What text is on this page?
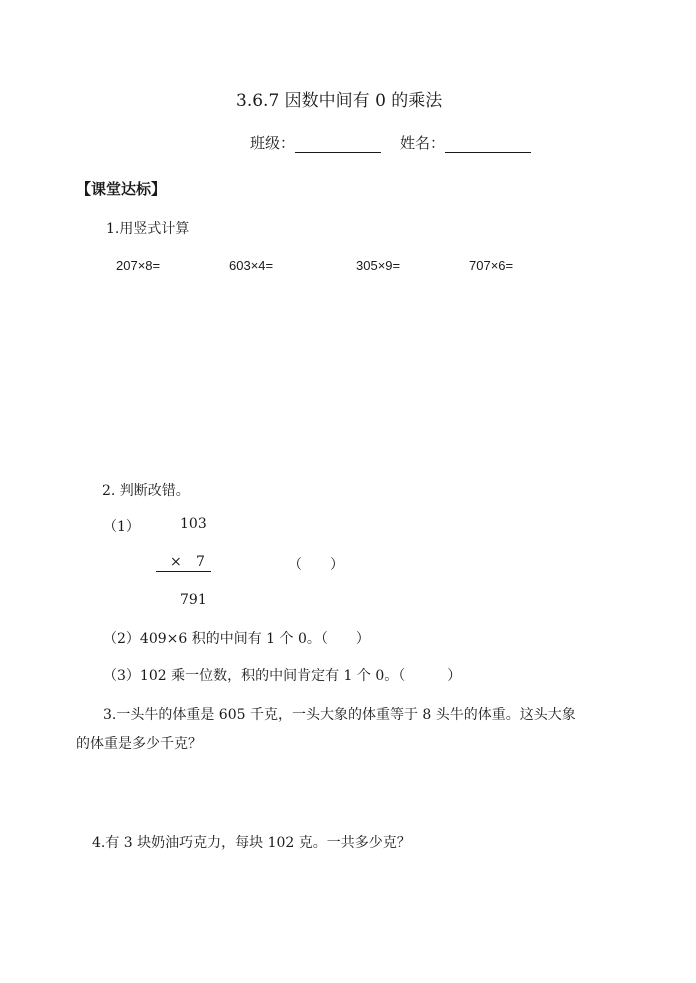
3.6.7 因数中间有 0 的乘法
班级：	姓名：
【课堂达标】
1.用竖式计算
207×8=	603×4=	305×9=	707×6=
2. 判断改错。
（1）	103
× 7	（　　）
791
（2）409×6 积的中间有 1 个 0。（　　）
（3）102 乘一位数，积的中间肯定有 1 个 0。（　　　）
3.一头牛的体重是 605 千克，一头大象的体重等于 8 头牛的体重。这头大象
的体重是多少千克？
4.有 3 块奶油巧克力，每块 102 克。一共多少克？
